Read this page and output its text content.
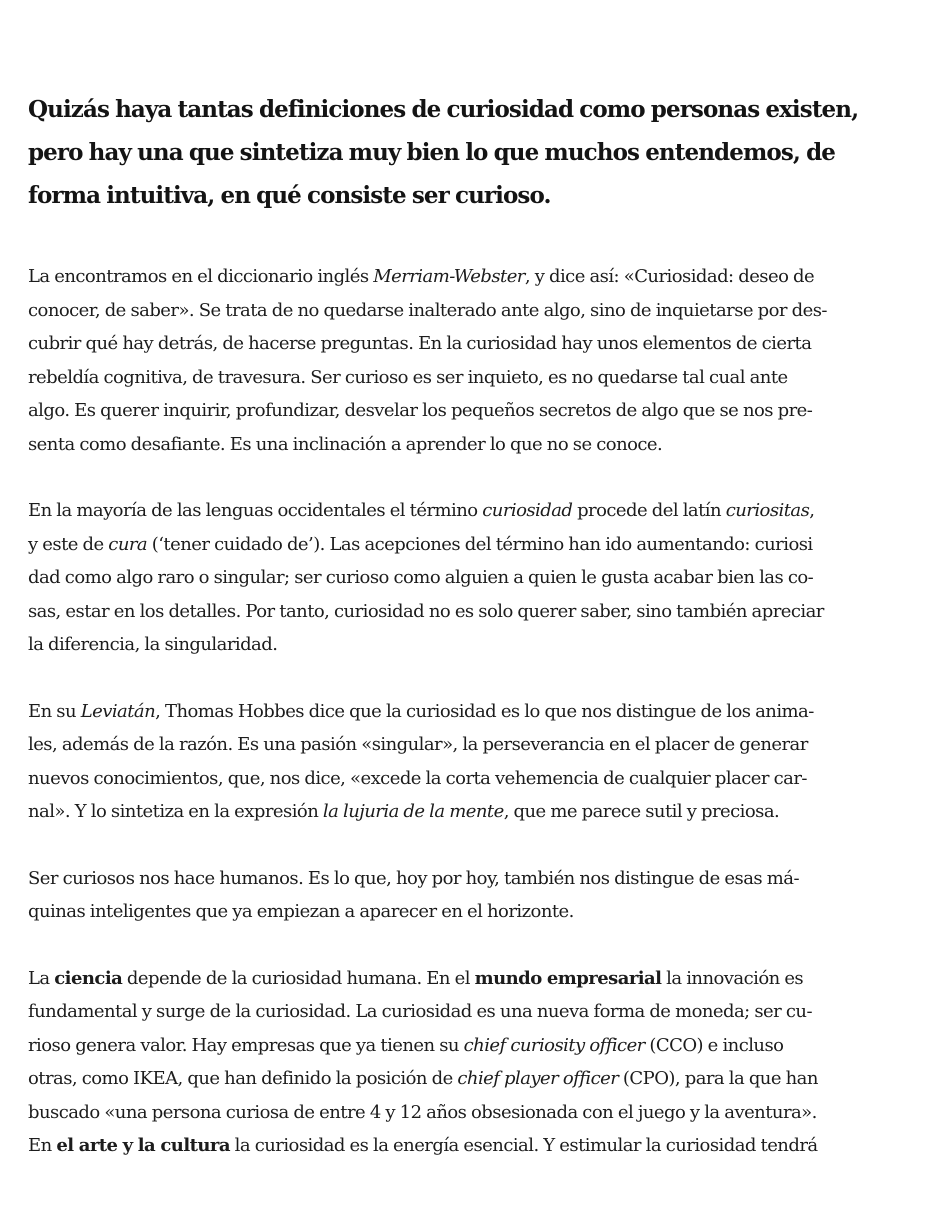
Quizás haya tantas definiciones de curiosidad como personas existen,
pero hay una que sintetiza muy bien lo que muchos entendemos, de
forma intuitiva, en qué consiste ser curioso.

La encontramos en el diccionario inglés Merriam-Webster, y dice así: «Curiosidad: deseo de
conocer, de saber». Se trata de no quedarse inalterado ante algo, sino de inquietarse por des-
cubrir qué hay detrás, de hacerse preguntas. En la curiosidad hay unos elementos de cierta
rebeldía cognitiva, de travesura. Ser curioso es ser inquieto, es no quedarse tal cual ante
algo. Es querer inquirir, profundizar, desvelar los pequeños secretos de algo que se nos pre-
senta como desafiante. Es una inclinación a aprender lo que no se conoce.

En la mayoría de las lenguas occidentales el término curiosidad procede del latín curiositas,
y este de cura (‘tener cuidado de’). Las acepciones del término han ido aumentando: curiosi
dad como algo raro o singular; ser curioso como alguien a quien le gusta acabar bien las co-
sas, estar en los detalles. Por tanto, curiosidad no es solo querer saber, sino también apreciar
la diferencia, la singularidad.

En su Leviatán, Thomas Hobbes dice que la curiosidad es lo que nos distingue de los anima-
les, además de la razón. Es una pasión «singular», la perseverancia en el placer de generar
nuevos conocimientos, que, nos dice, «excede la corta vehemencia de cualquier placer car-
nal». Y lo sintetiza en la expresión la lujuria de la mente, que me parece sutil y preciosa.

Ser curiosos nos hace humanos. Es lo que, hoy por hoy, también nos distingue de esas má-
quinas inteligentes que ya empiezan a aparecer en el horizonte.

La ciencia depende de la curiosidad humana. En el mundo empresarial la innovación es
fundamental y surge de la curiosidad. La curiosidad es una nueva forma de moneda; ser cu-
rioso genera valor. Hay empresas que ya tienen su chief curiosity officer (CCO) e incluso
otras, como IKEA, que han definido la posición de chief player officer (CPO), para la que han
buscado «una persona curiosa de entre 4 y 12 años obsesionada con el juego y la aventura».
En el arte y la cultura la curiosidad es la energía esencial. Y estimular la curiosidad tendrá
